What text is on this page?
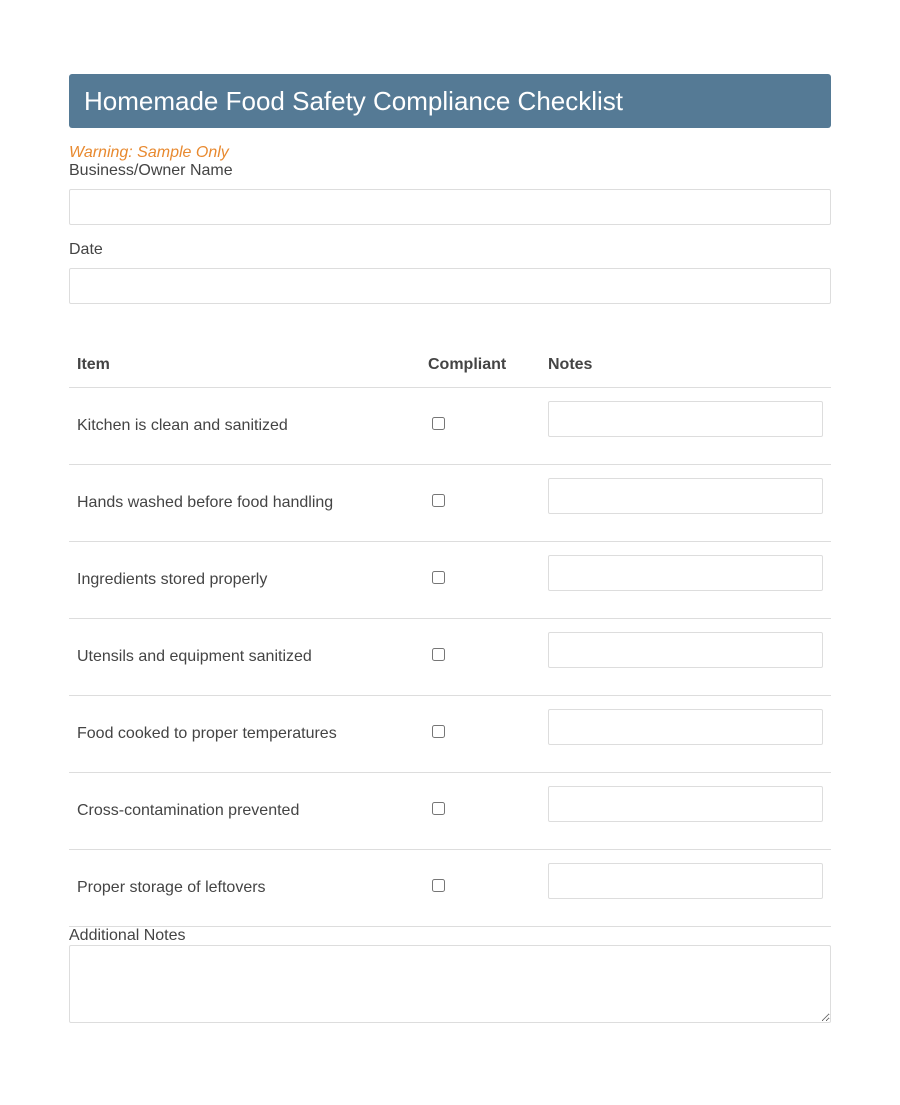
Homemade Food Safety Compliance Checklist
Warning: Sample Only
Business/Owner Name
Date
Item	Compliant	Notes
Kitchen is clean and sanitized		

Hands washed before food handling		

Ingredients stored properly		

Utensils and equipment sanitized		

Food cooked to proper temperatures		

Cross-contamination prevented		

Proper storage of leftovers		
Additional Notes
